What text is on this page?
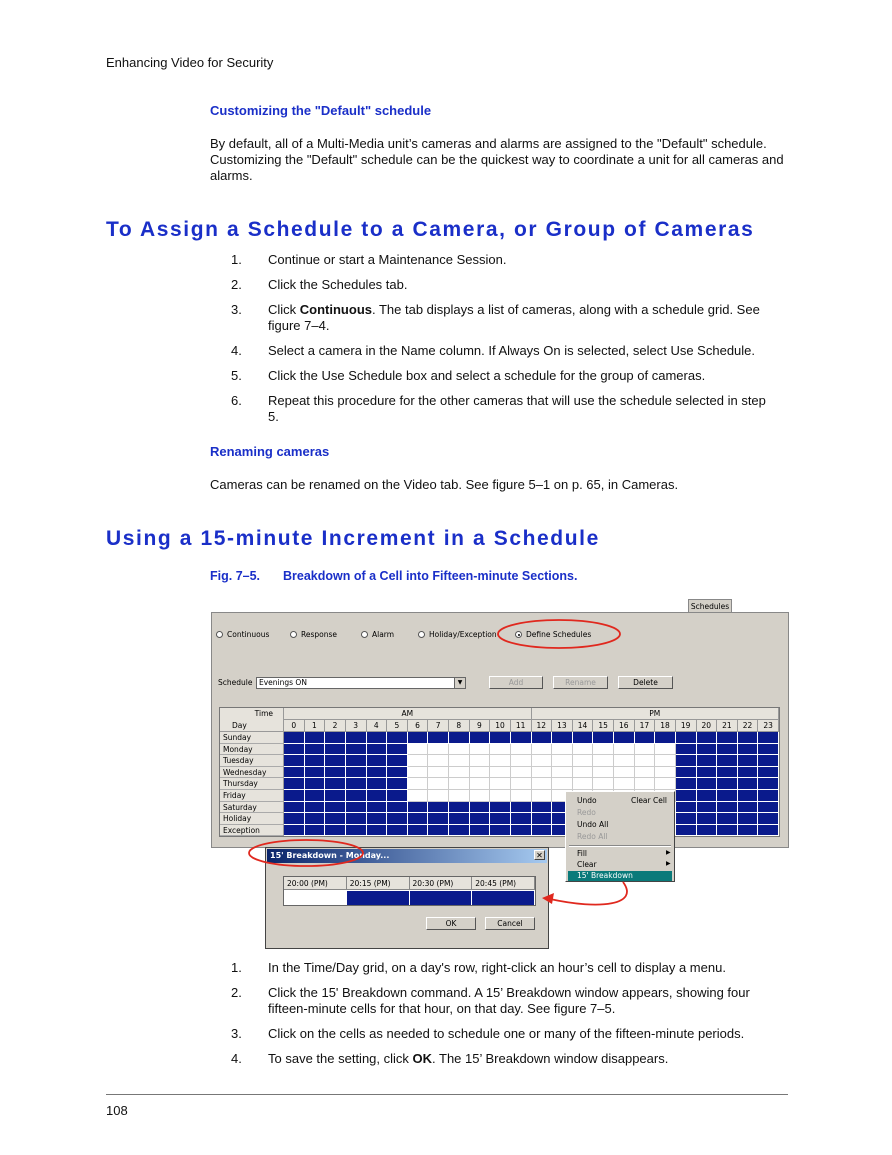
Enhancing Video for Security
Customizing the "Default" schedule
By default, all of a Multi-Media unit’s cameras and alarms are assigned to the "Default" schedule. Customizing the "Default" schedule can be the quickest way to coordinate a unit for all cameras and alarms.
To Assign a Schedule to a Camera, or Group of Cameras
1. Continue or start a Maintenance Session.
2. Click the Schedules tab.
3. Click Continuous. The tab displays a list of cameras, along with a schedule grid. See figure 7–4.
4. Select a camera in the Name column. If Always On is selected, select Use Schedule.
5. Click the Use Schedule box and select a schedule for the group of cameras.
6. Repeat this procedure for the other cameras that will use the schedule selected in step 5.
Renaming cameras
Cameras can be renamed on the Video tab. See figure 5–1 on p. 65, in Cameras.
Using a 15-minute Increment in a Schedule
Fig. 7–5. Breakdown of a Cell into Fifteen-minute Sections.
Schedules
Continuous	Response	Alarm	Holiday/Exception	Define Schedules
Schedule Evenings ON	▼	Add	Rename	Delete
Time
Day
AM	PM
0	1	2	3	4	5	6	7	8	9	10	11	12	13	14	15	16	17	18	19	20	21	22	23
Sunday
Monday
Tuesday
Wednesday
Thursday
Friday
Saturday
Holiday
Exception
Undo	Clear Cell
Redo
Undo All
Redo All
Fill	▶
Clear	▶
15' Breakdown
15' Breakdown - Monday...	✕
20:00 (PM)	20:15 (PM)	20:30 (PM)	20:45 (PM)
OK	Cancel
1. In the Time/Day grid, on a day's row, right-click an hour’s cell to display a menu.
2. Click the 15' Breakdown command. A 15’ Breakdown window appears, showing four fifteen-minute cells for that hour, on that day. See figure 7–5.
3. Click on the cells as needed to schedule one or many of the fifteen-minute periods.
4. To save the setting, click OK. The 15’ Breakdown window disappears.
108
